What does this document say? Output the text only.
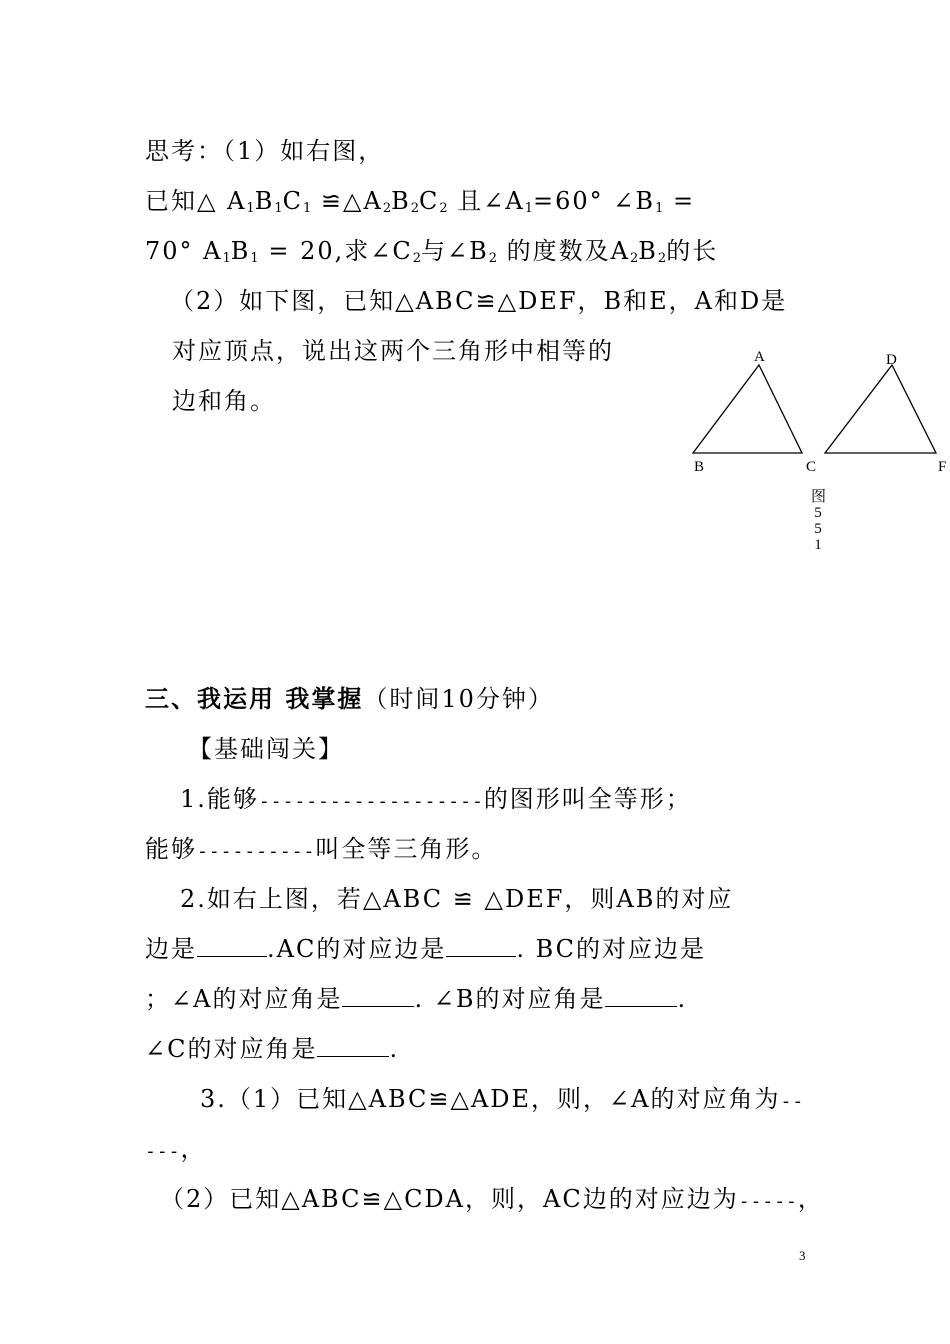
思考：（1）如右图，
已知△ $A_1B_1C_1$ $≌\triangle A_2B_2C_2$ 且$\angle A_1=60^\circ$ $\angle B_1$ =
70° $A_1B_1 = 20$,求$\angle C_2$与$\angle B_2$ 的度数及$A_2B_2$的长
（2）如下图，已知△ABC≌△DEF，B和E，A和D是
对应顶点，说出这两个三角形中相等的
边和角。
A
B	C
D
F
图
5
5
1
三、我运用 我掌握（时间10分钟）
【基础闯关】
1.能够-------------------的图形叫全等形；
能够----------叫全等三角形。
2.如右上图，若△ABC ≌ △DEF，则AB的对应
边是	.AC的对应边是	. BC的对应边是
；∠A的对应角是	. ∠B的对应角是	.
∠C的对应角是	.
3.（1）已知△ABC≌△ADE，则，∠A的对应角为--
---，
（2）已知△ABC≌△CDA，则，AC边的对应边为-----，
3
